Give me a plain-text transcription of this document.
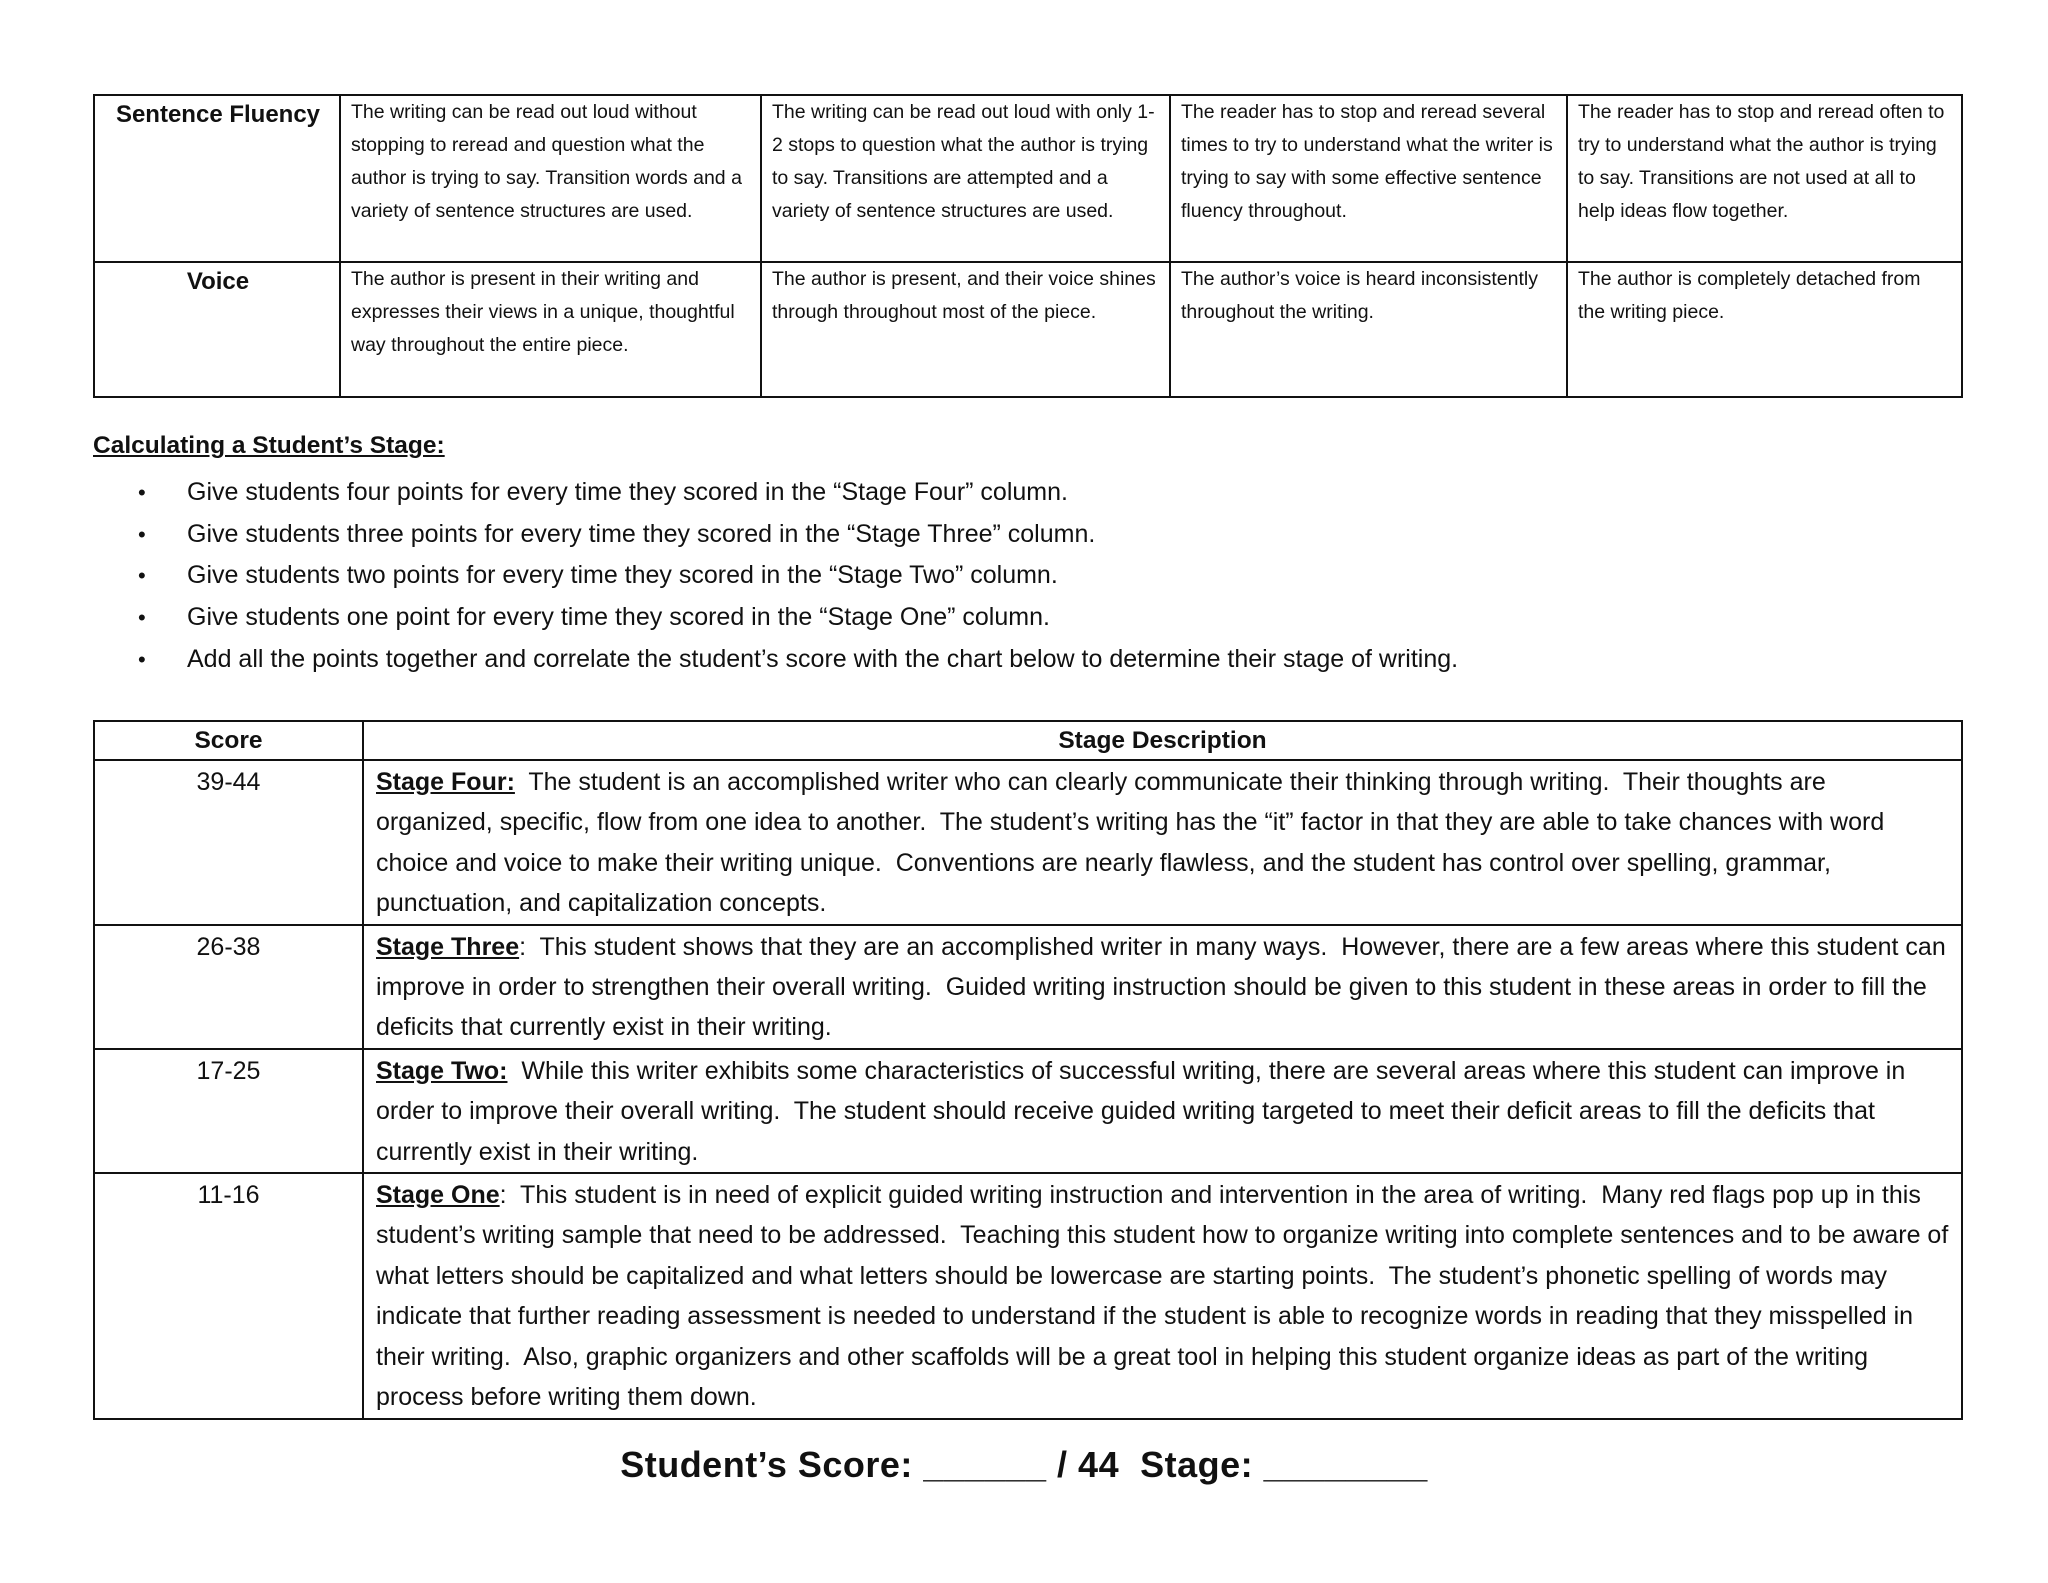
Sentence Fluency	The writing can be read out loud without stopping to reread and question what the author is trying to say. Transition words and a variety of sentence structures are used.	The writing can be read out loud with only 1-2 stops to question what the author is trying to say. Transitions are attempted and a variety of sentence structures are used.	The reader has to stop and reread several times to try to understand what the writer is trying to say with some effective sentence fluency throughout.	The reader has to stop and reread often to try to understand what the author is trying to say. Transitions are not used at all to help ideas flow together.
Voice	The author is present in their writing and expresses their views in a unique, thoughtful way throughout the entire piece.	The author is present, and their voice shines through throughout most of the piece.	The author’s voice is heard inconsistently throughout the writing.	The author is completely detached from the writing piece.

Calculating a Student’s Stage:

• Give students four points for every time they scored in the “Stage Four” column.
• Give students three points for every time they scored in the “Stage Three” column.
• Give students two points for every time they scored in the “Stage Two” column.
• Give students one point for every time they scored in the “Stage One” column.
• Add all the points together and correlate the student’s score with the chart below to determine their stage of writing.
Score	Stage Description
39-44	Stage Four:  The student is an accomplished writer who can clearly communicate their thinking through writing.  Their thoughts are organized, specific, flow from one idea to another.  The student’s writing has the “it” factor in that they are able to take chances with word choice and voice to make their writing unique.  Conventions are nearly flawless, and the student has control over spelling, grammar, punctuation, and capitalization concepts.
26-38	Stage Three:  This student shows that they are an accomplished writer in many ways.  However, there are a few areas where this student can improve in order to strengthen their overall writing.  Guided writing instruction should be given to this student in these areas in order to fill the deficits that currently exist in their writing.
17-25	Stage Two:  While this writer exhibits some characteristics of successful writing, there are several areas where this student can improve in order to improve their overall writing.  The student should receive guided writing targeted to meet their deficit areas to fill the deficits that currently exist in their writing.
11-16	Stage One:  This student is in need of explicit guided writing instruction and intervention in the area of writing.  Many red flags pop up in this student’s writing sample that need to be addressed.  Teaching this student how to organize writing into complete sentences and to be aware of what letters should be capitalized and what letters should be lowercase are starting points.  The student’s phonetic spelling of words may indicate that further reading assessment is needed to understand if the student is able to recognize words in reading that they misspelled in their writing.  Also, graphic organizers and other scaffolds will be a great tool in helping this student organize ideas as part of the writing process before writing them down.

Student’s Score: ______ / 44  Stage: ________
